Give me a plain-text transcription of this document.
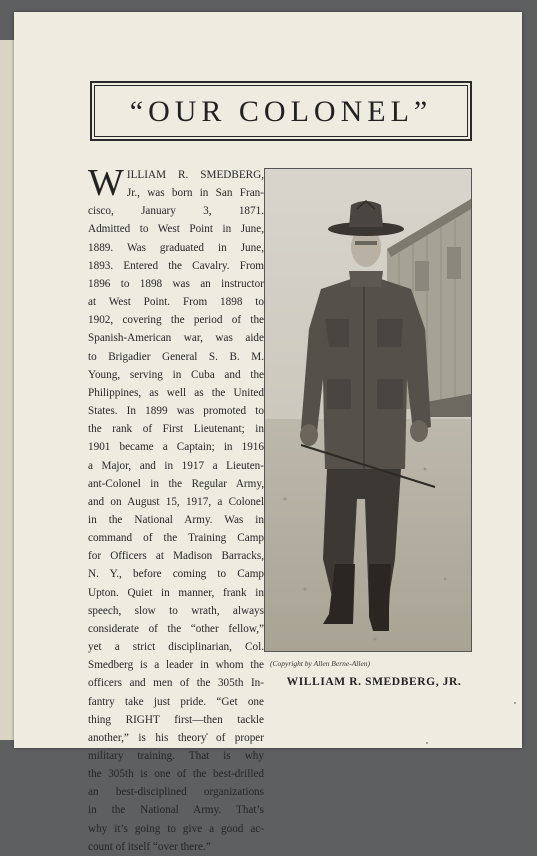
“OUR COLONEL”
W ILLIAM R. SMEDBERG,
Jr., was born in San Fran-
cisco, January 3, 1871.
Admitted to West Point in June,
1889. Was graduated in June,
1893. Entered the Cavalry. From
1896 to 1898 was an instructor
at West Point. From 1898 to
1902, covering the period of the
Spanish-American war, was aide
to Brigadier General S. B. M.
Young, serving in Cuba and the
Philippines, as well as the United
States. In 1899 was promoted to
the rank of First Lieutenant; in
1901 became a Captain; in 1916
a Major, and in 1917 a Lieuten-
ant-Colonel in the Regular Army,
and on August 15, 1917, a Colonel
in the National Army. Was in
command of the Training Camp
for Officers at Madison Barracks,
N. Y., before coming to Camp
Upton. Quiet in manner, frank in
speech, slow to wrath, always
considerate of the “other fellow,”
yet a strict disciplinarian, Col.
Smedberg is a leader in whom the
officers and men of the 305th In-
fantry take just pride. “Get one
thing RIGHT first—then tackle
another,” is his theory of proper
military training. That is why
the 305th is one of the best-drilled
an best-disciplined organizations
in the National Army. That’s
why it’s going to give a good ac-
count of itself “over there.”
(Copyright by Allen Berne-Allen)
WILLIAM R. SMEDBERG, JR.
